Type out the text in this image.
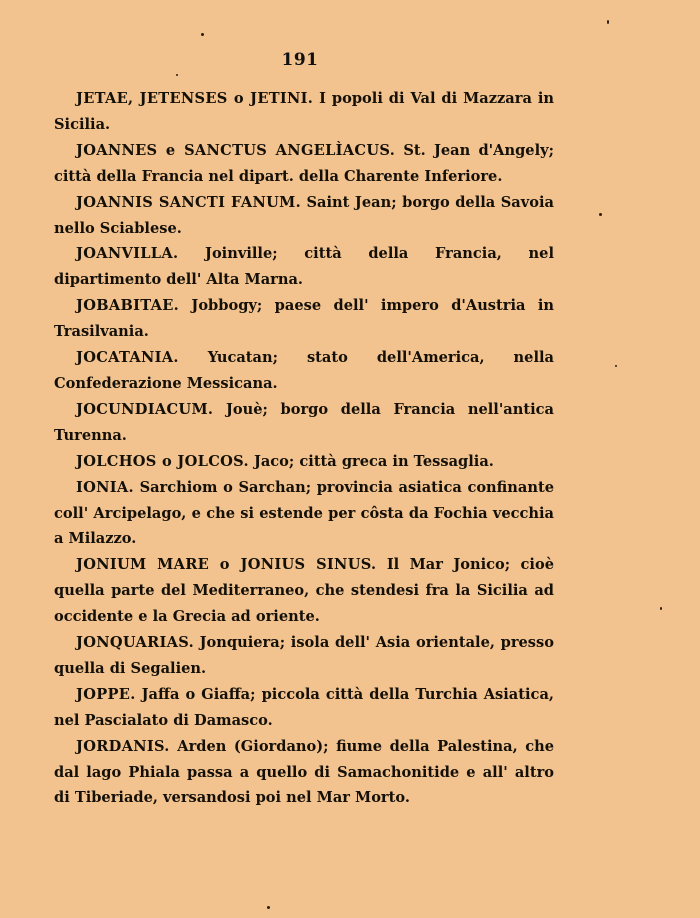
191

JETAE, JETENSES o JETINI. I popoli di Val di Mazzara in Sicilia.

JOANNES e SANCTUS ANGELÌACUS. St. Jean d'Angely; città della Francia nel dipart. della Charente Inferiore.

JOANNIS SANCTI FANUM. Saint Jean; borgo della Savoia nello Sciablese.

JOANVILLA. Joinville; città della Francia, nel dipartimento dell' Alta Marna.

JOBABITAE. Jobbogy; paese dell' impero d'Austria in Trasilvania.

JOCATANIA. Yucatan; stato dell'America, nella Confederazione Messicana.

JOCUNDIACUM. Jouè; borgo della Francia nell'antica Turenna.

JOLCHOS o JOLCOS. Jaco; città greca in Tessaglia.

IONIA. Sarchiom o Sarchan; provincia asiatica confinante coll' Arcipelago, e che si estende per côsta da Fochia vecchia a Milazzo.

JONIUM MARE o JONIUS SINUS. Il Mar Jonico; cioè quella parte del Mediterraneo, che stendesi fra la Sicilia ad occidente e la Grecia ad oriente.

JONQUARIAS. Jonquiera; isola dell' Asia orientale, presso quella di Segalien.

JOPPE. Jaffa o Giaffa; piccola città della Turchia Asiatica, nel Pascialato di Damasco.

JORDANIS. Arden (Giordano); fiume della Palestina, che dal lago Phiala passa a quello di Samachonitide e all' altro di Tiberiade, versandosi poi nel Mar Morto.
